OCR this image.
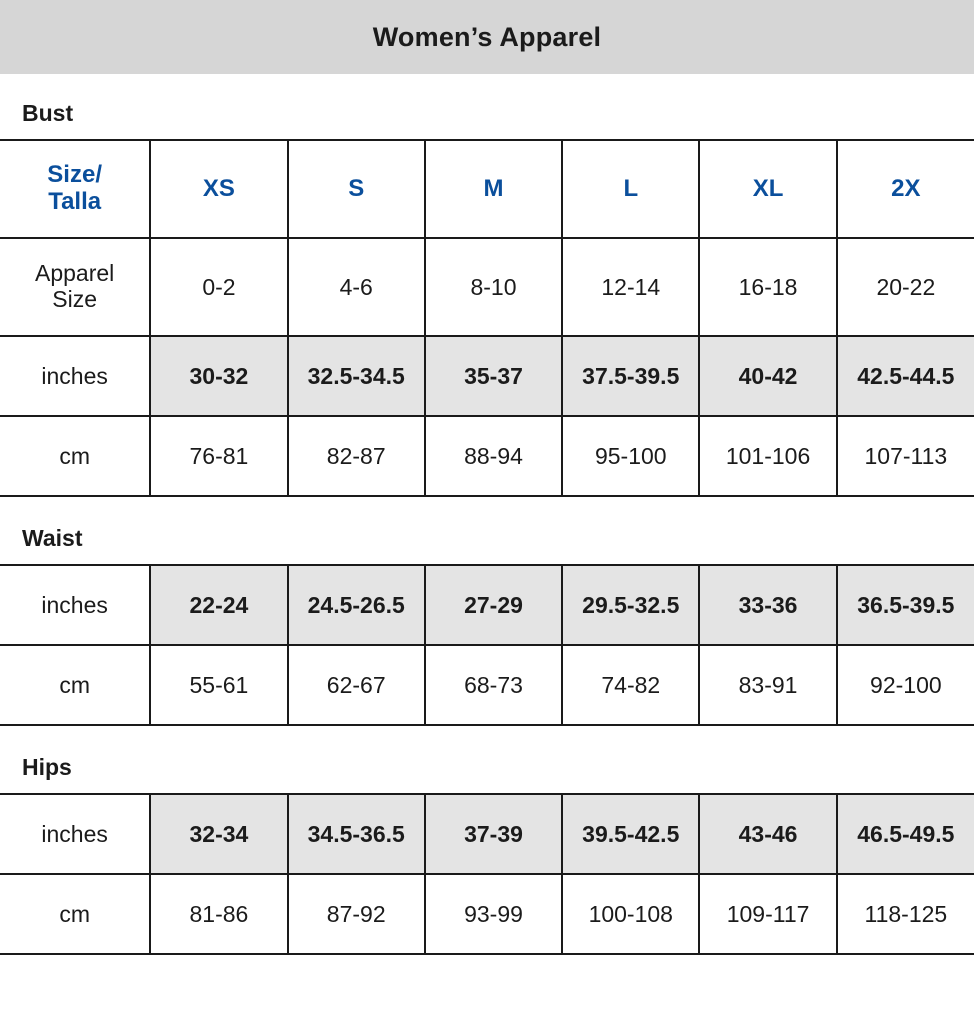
Women’s Apparel
Bust
Size/
Talla	XS	S	M	L	XL	2X

Apparel
Size	0-2	4-6	8-10	12-14	16-18	20-22
inches	30-32	32.5-34.5	35-37	37.5-39.5	40-42	42.5-44.5
cm	76-81	82-87	88-94	95-100	101-106	107-113
Waist
inches	22-24	24.5-26.5	27-29	29.5-32.5	33-36	36.5-39.5
cm	55-61	62-67	68-73	74-82	83-91	92-100
Hips
inches	32-34	34.5-36.5	37-39	39.5-42.5	43-46	46.5-49.5
cm	81-86	87-92	93-99	100-108	109-117	118-125
